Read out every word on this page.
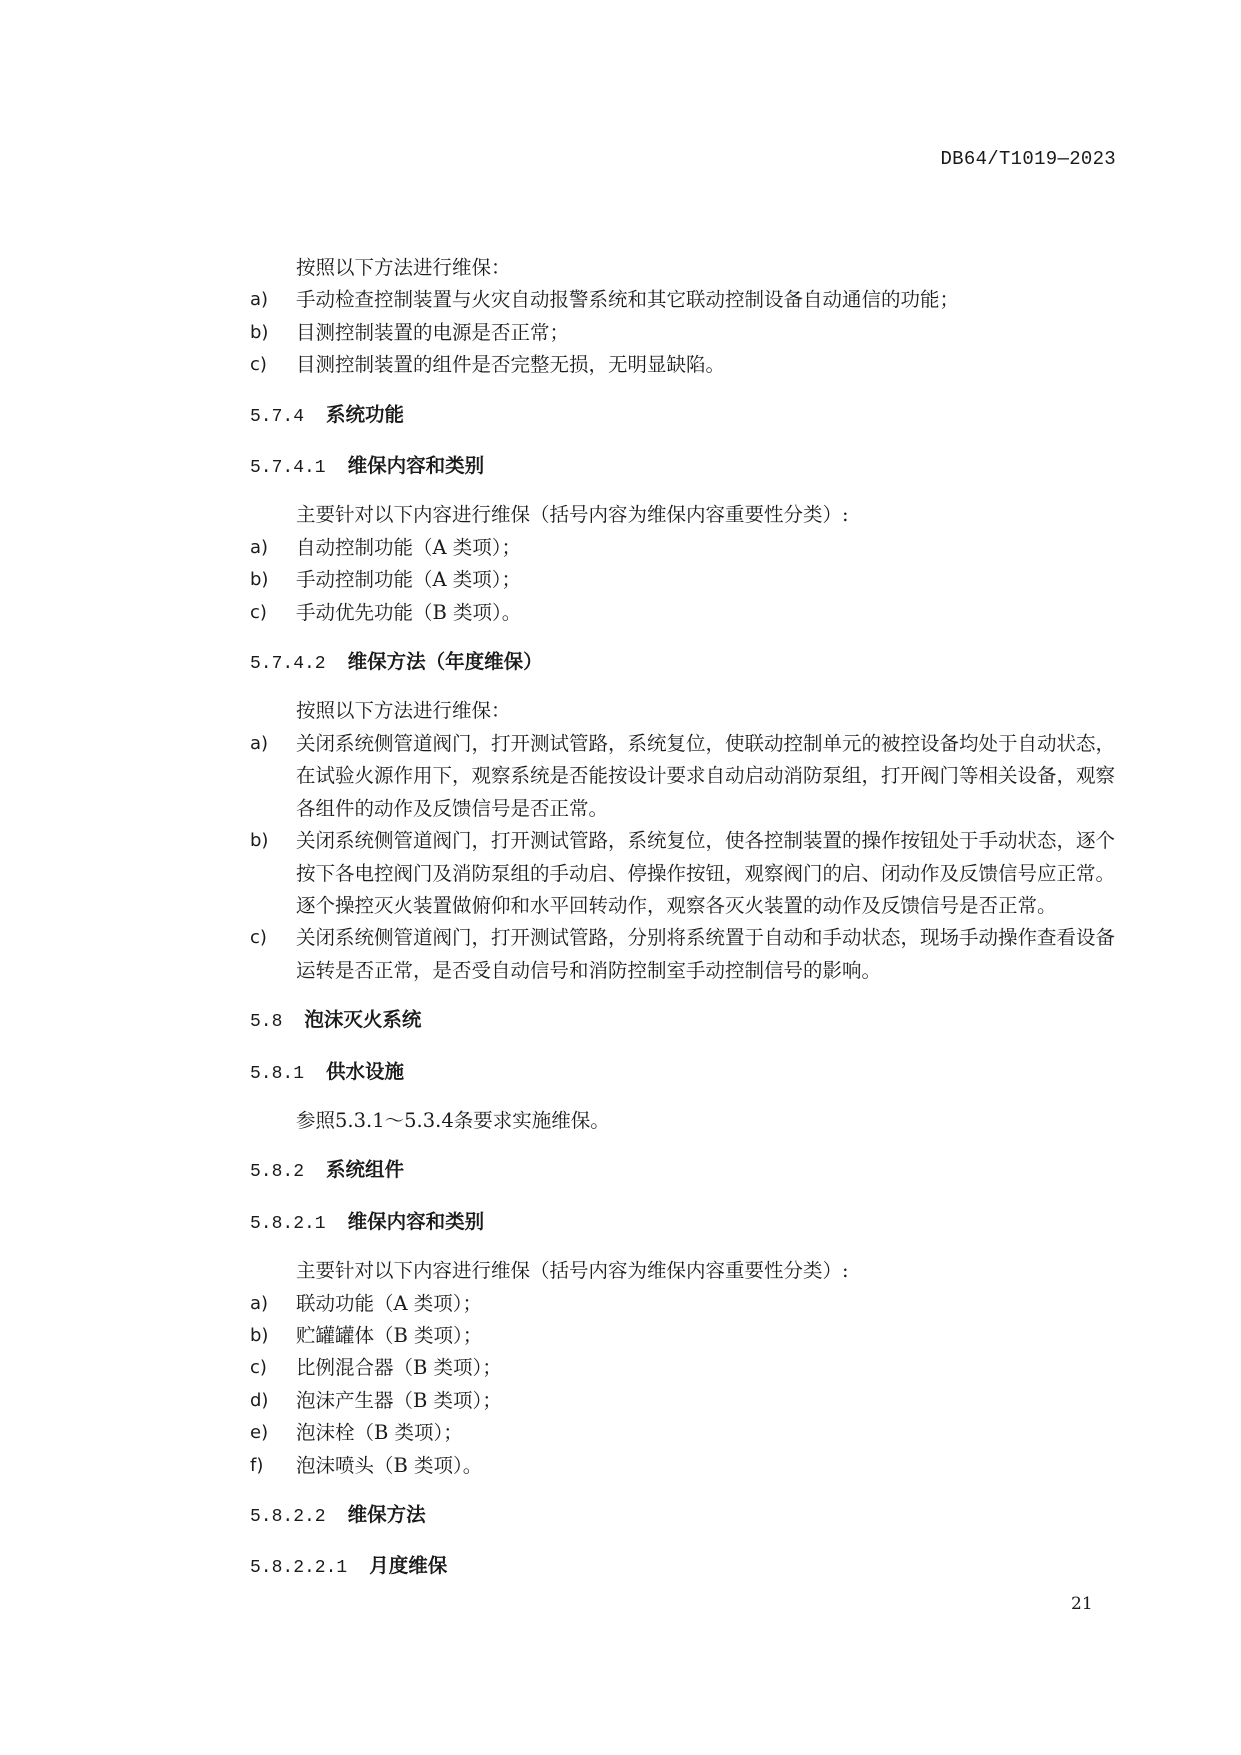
DB64/T1019—2023
按照以下方法进行维保：
a)	手动检查控制装置与火灾自动报警系统和其它联动控制设备自动通信的功能；
b)	目测控制装置的电源是否正常；
c)	目测控制装置的组件是否完整无损，无明显缺陷。
5.7.4 系统功能
5.7.4.1 维保内容和类别
主要针对以下内容进行维保（括号内容为维保内容重要性分类）:
a)	自动控制功能（A 类项）；
b)	手动控制功能（A 类项）；
c)	手动优先功能（B 类项）。
5.7.4.2 维保方法（年度维保）
按照以下方法进行维保：
a)	关闭系统侧管道阀门，打开测试管路，系统复位，使联动控制单元的被控设备均处于自动状态，在试验火源作用下，观察系统是否能按设计要求自动启动消防泵组，打开阀门等相关设备，观察各组件的动作及反馈信号是否正常。
b)	关闭系统侧管道阀门，打开测试管路，系统复位，使各控制装置的操作按钮处于手动状态，逐个按下各电控阀门及消防泵组的手动启、停操作按钮，观察阀门的启、闭动作及反馈信号应正常。逐个操控灭火装置做俯仰和水平回转动作，观察各灭火装置的动作及反馈信号是否正常。
c)	关闭系统侧管道阀门，打开测试管路，分别将系统置于自动和手动状态，现场手动操作查看设备运转是否正常，是否受自动信号和消防控制室手动控制信号的影响。
5.8 泡沫灭火系统
5.8.1 供水设施
参照5.3.1～5.3.4条要求实施维保。
5.8.2 系统组件
5.8.2.1 维保内容和类别
主要针对以下内容进行维保（括号内容为维保内容重要性分类）:
a)	联动功能（A 类项）；
b)	贮罐罐体（B 类项）；
c)	比例混合器（B 类项）；
d)	泡沫产生器（B 类项）；
e)	泡沫栓（B 类项）；
f)	泡沫喷头（B 类项）。
5.8.2.2 维保方法
5.8.2.2.1 月度维保
21
